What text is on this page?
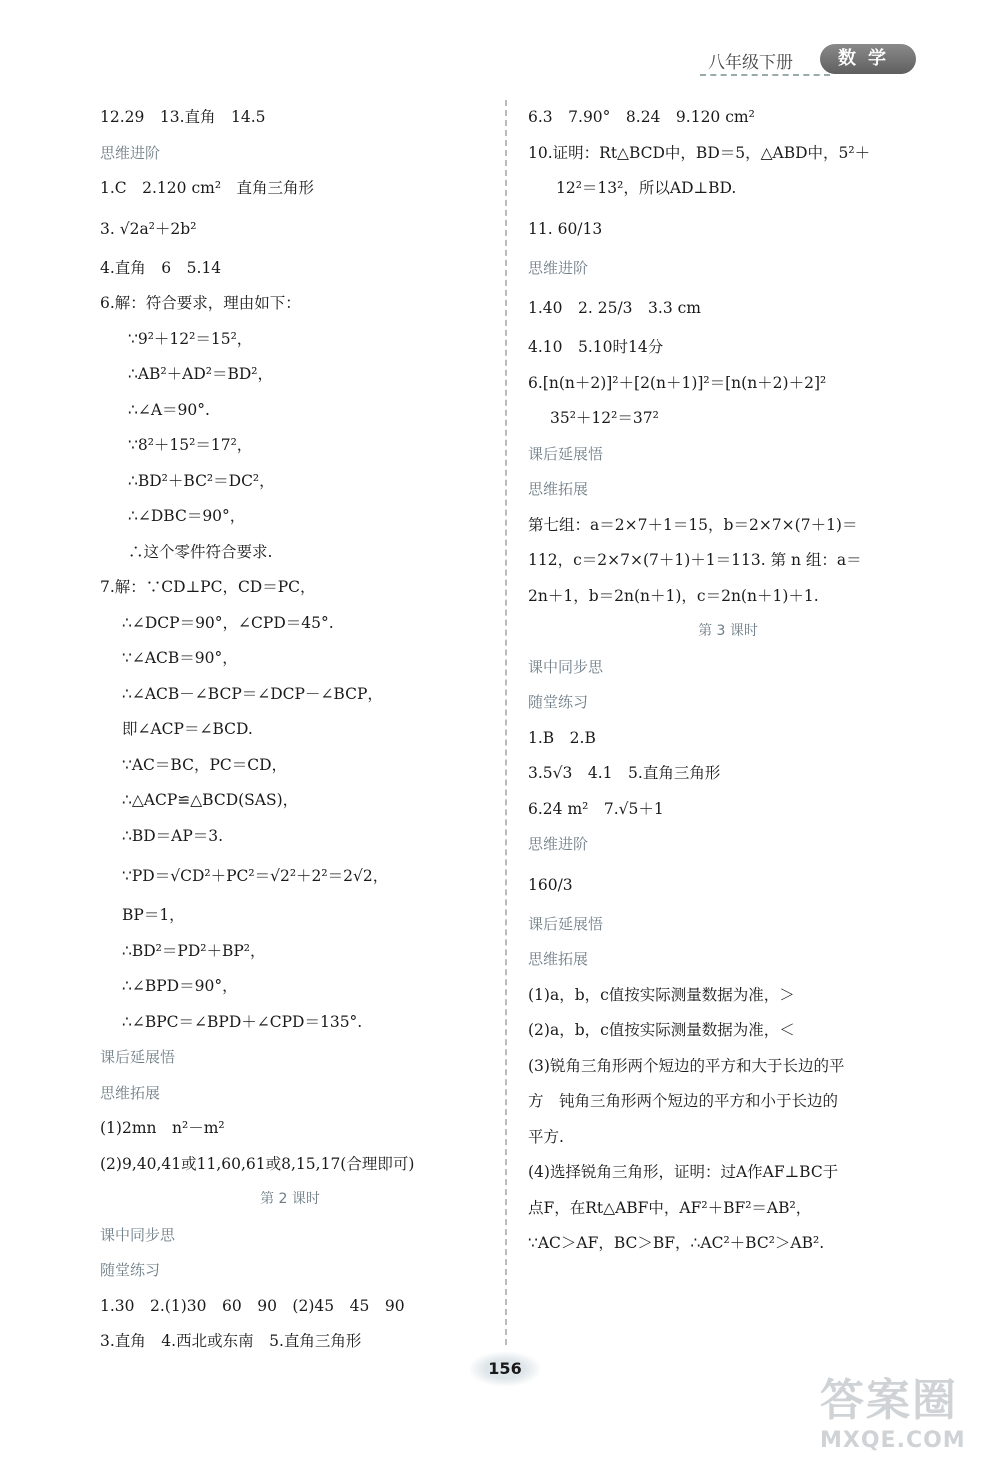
八年级下册	数学
12.29　13.直角　14.5
思维进阶
1.C　2.120 cm²　直角三角形
3. √2a²＋2b²
4.直角　6　5.14
6.解：符合要求，理由如下：
∵9²＋12²＝15²，
∴AB²＋AD²＝BD²，
∴∠A＝90°.
∵8²＋15²＝17²，
∴BD²＋BC²＝DC²，
∴∠DBC＝90°，
∴这个零件符合要求.
7.解：∵CD⊥PC，CD＝PC，
∴∠DCP＝90°，∠CPD＝45°.
∵∠ACB＝90°，
∴∠ACB－∠BCP＝∠DCP－∠BCP，
即∠ACP＝∠BCD.
∵AC＝BC，PC＝CD，
∴△ACP≌△BCD(SAS)，
∴BD＝AP＝3.
∵PD＝√CD²＋PC²＝√2²＋2²＝2√2，
BP＝1，
∴BD²＝PD²＋BP²，
∴∠BPD＝90°，
∴∠BPC＝∠BPD＋∠CPD＝135°.
课后延展悟
思维拓展
(1)2mn　n²－m²
(2)9,40,41或11,60,61或8,15,17(合理即可)
第 2 课时
课中同步思
随堂练习
1.30　2.(1)30　60　90　(2)45　45　90
3.直角　4.西北或东南　5.直角三角形
6.3　7.90°　8.24　9.120 cm²
10.证明：Rt△BCD中，BD＝5，△ABD中，5²＋
12²＝13²，所以AD⊥BD.
11. 60/13
思维进阶
1.40　2. 25/3　3.3 cm
4.10　5.10时14分
6.[n(n＋2)]²＋[2(n＋1)]²＝[n(n＋2)＋2]²
35²＋12²＝37²
课后延展悟
思维拓展
第七组：a＝2×7＋1＝15，b＝2×7×(7＋1)＝
112，c＝2×7×(7＋1)＋1＝113. 第 n 组：a＝
2n＋1，b＝2n(n＋1)，c＝2n(n＋1)＋1.
第 3 课时
课中同步思
随堂练习
1.B　2.B
3.5√3　4.1　5.直角三角形
6.24 m²　7.√5＋1
思维进阶
160/3
课后延展悟
思维拓展
(1)a，b，c值按实际测量数据为准，＞
(2)a，b，c值按实际测量数据为准，＜
(3)锐角三角形两个短边的平方和大于长边的平
方　钝角三角形两个短边的平方和小于长边的
平方.
(4)选择锐角三角形，证明：过A作AF⊥BC于
点F，在Rt△ABF中，AF²＋BF²＝AB²，
∵AC＞AF，BC＞BF，∴AC²＋BC²＞AB².
156
答案圈
MXQE.COM
